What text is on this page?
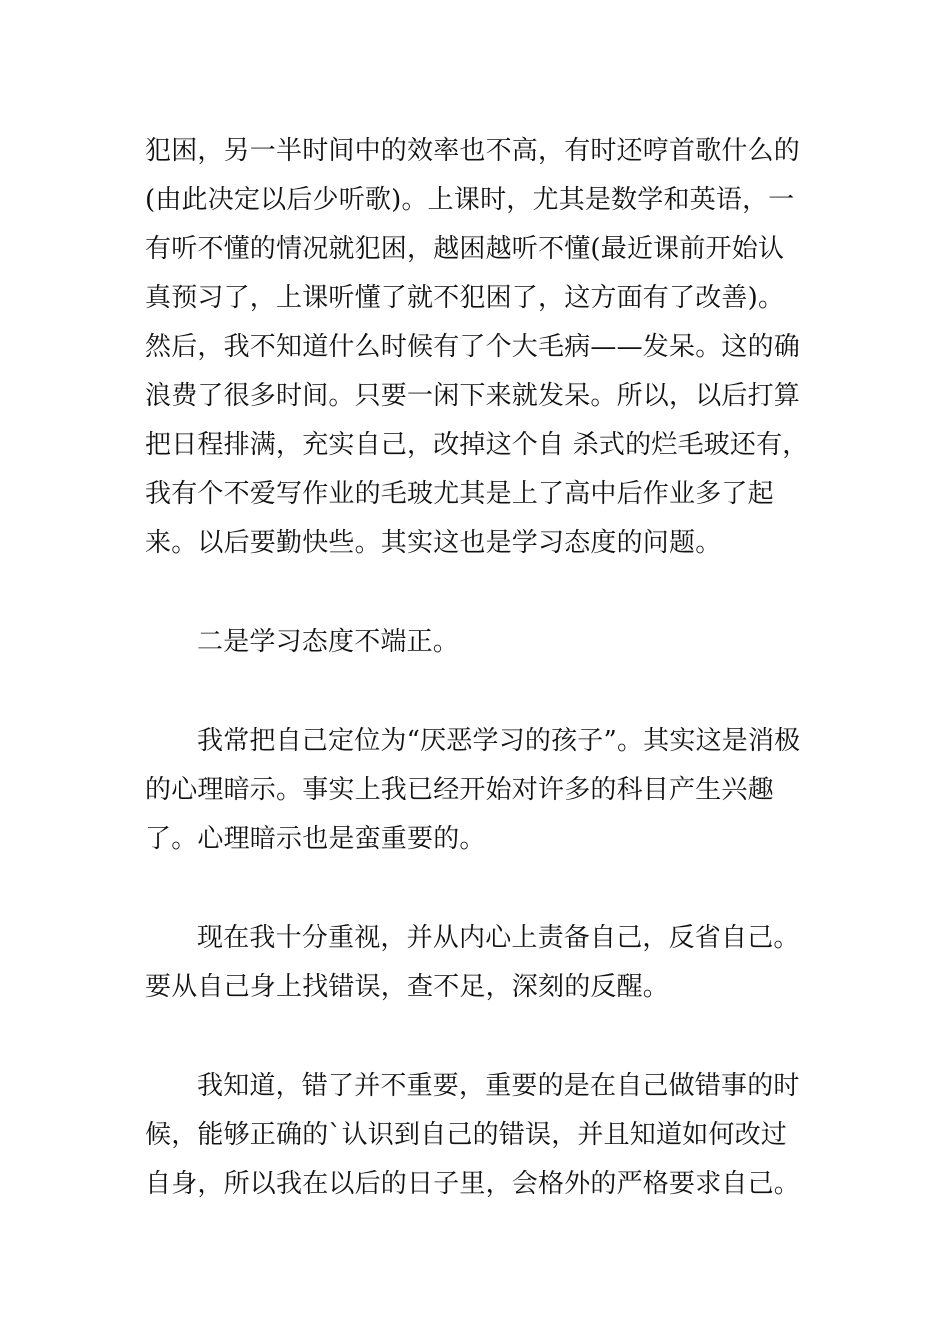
犯困，另一半时间中的效率也不高，有时还哼首歌什么的(由此决定以后少听歌)。上课时，尤其是数学和英语，一有听不懂的情况就犯困，越困越听不懂(最近课前开始认真预习了，上课听懂了就不犯困了，这方面有了改善)。然后，我不知道什么时候有了个大毛病——发呆。这的确浪费了很多时间。只要一闲下来就发呆。所以，以后打算把日程排满，充实自己，改掉这个自 杀式的烂毛玻还有，我有个不爱写作业的毛玻尤其是上了高中后作业多了起来。以后要勤快些。其实这也是学习态度的问题。

二是学习态度不端正。

我常把自己定位为“厌恶学习的孩子”。其实这是消极的心理暗示。事实上我已经开始对许多的科目产生兴趣了。心理暗示也是蛮重要的。

现在我十分重视，并从内心上责备自己，反省自己。要从自己身上找错误，查不足，深刻的反醒。

我知道，错了并不重要，重要的是在自己做错事的时候，能够正确的`认识到自己的错误，并且知道如何改过自身，所以我在以后的日子里，会格外的严格要求自己。
